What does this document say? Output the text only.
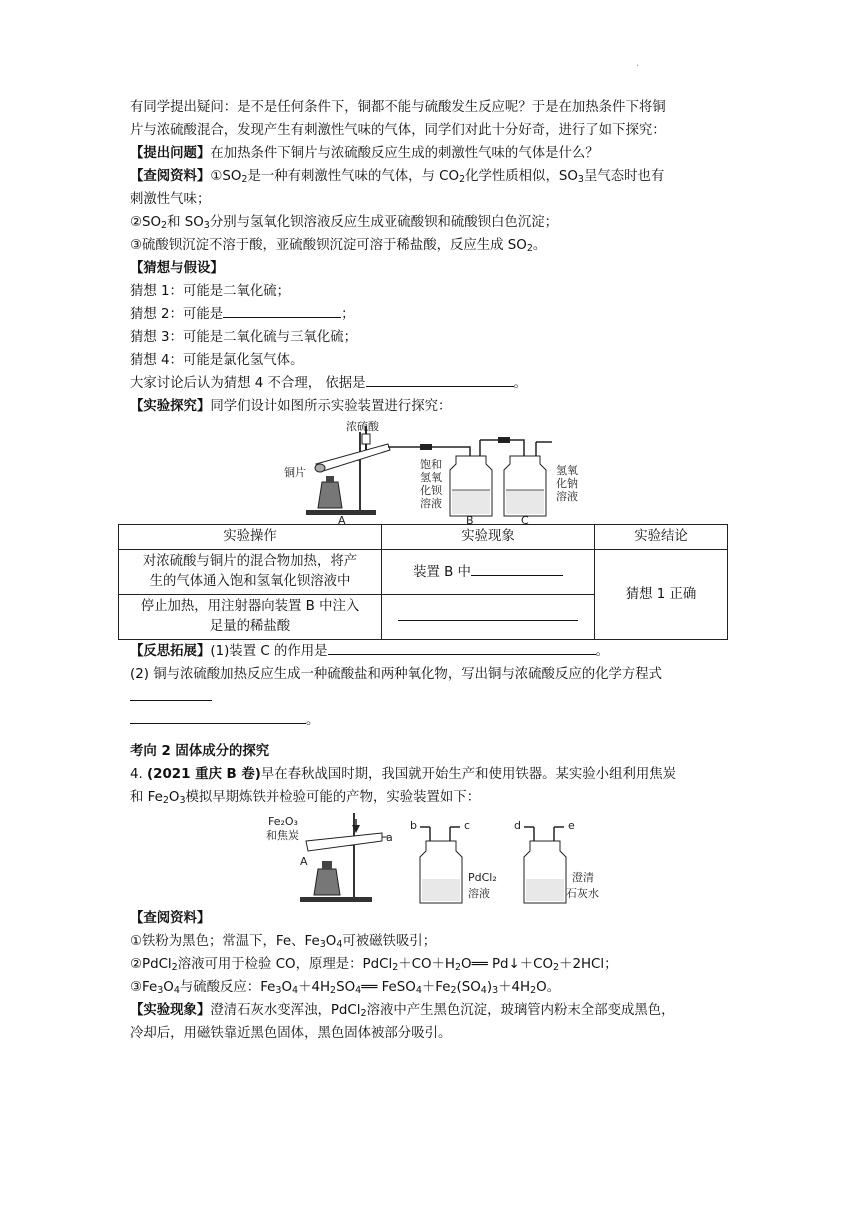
.

有同学提出疑问：是不是任何条件下，铜都不能与硫酸发生反应呢？于是在加热条件下将铜

片与浓硫酸混合，发现产生有刺激性气味的气体，同学们对此十分好奇，进行了如下探究：

【提出问题】在加热条件下铜片与浓硫酸反应生成的刺激性气味的气体是什么？

【查阅资料】$①SO_2$是一种有刺激性气味的气体，与 $CO_2$化学性质相似，$SO_3$呈气态时也有

刺激性气味；

$②SO_2$和 $SO_3$分别与氢氧化钡溶液反应生成亚硫酸钡和硫酸钡白色沉淀；

③硫酸钡沉淀不溶于酸，亚硫酸钡沉淀可溶于稀盐酸，反应生成 $SO_2$。

【猜想与假设】

猜想 1：可能是二氧化硫；

猜想 2：可能是	；

猜想 3：可能是二氧化硫与三氧化硫；

猜想 4：可能是氯化氢气体。

大家讨论后认为猜想 4 不合理， 依据是	。

【实验探究】同学们设计如图所示实验装置进行探究：

浓硫酸
铜片
饱和
氢氧
化钡
溶液
氢氧
化钠
溶液
A	B	C
实验操作	实验现象	实验结论

对浓硫酸与铜片的混合物加热，将产
生的气体通入饱和氢氧化钡溶液中	装置 B 中	猜想 1 正确

停止加热，用注射器向装置 B 中注入
足量的稀盐酸		

【反思拓展】(1)装置 C 的作用是	。

(2) 铜与浓硫酸加热反应生成一种硫酸盐和两种氧化物，写出铜与浓硫酸反应的化学方程式

。

考向 2 固体成分的探究

4. (2021 重庆 B 卷)早在春秋战国时期，我国就开始生产和使用铁器。某实验小组利用焦炭

和 $Fe_2O_3$模拟早期炼铁并检验可能的产物，实验装置如下：

Fe₂O₃
和焦炭	a
A
b	c	d	e
PdCl₂
溶液
澄清
石灰水

【查阅资料】

①铁粉为黑色；常温下，Fe、$Fe_3O_4$可被磁铁吸引；

②PdCl$_2$溶液可用于检验 CO，原理是：$PdCl_2+CO+H_2O══$ $Pd↓+CO_2+2HCl$；

$③Fe_3O_4$与硫酸反应：$Fe_3O_4+4H_2SO_4══$ $FeSO_4+Fe_2(SO_4)_3+4H_2O$。

【实验现象】澄清石灰水变浑浊，PdCl$_2$溶液中产生黑色沉淀，玻璃管内粉末全部变成黑色，

冷却后，用磁铁靠近黑色固体，黑色固体被部分吸引。
